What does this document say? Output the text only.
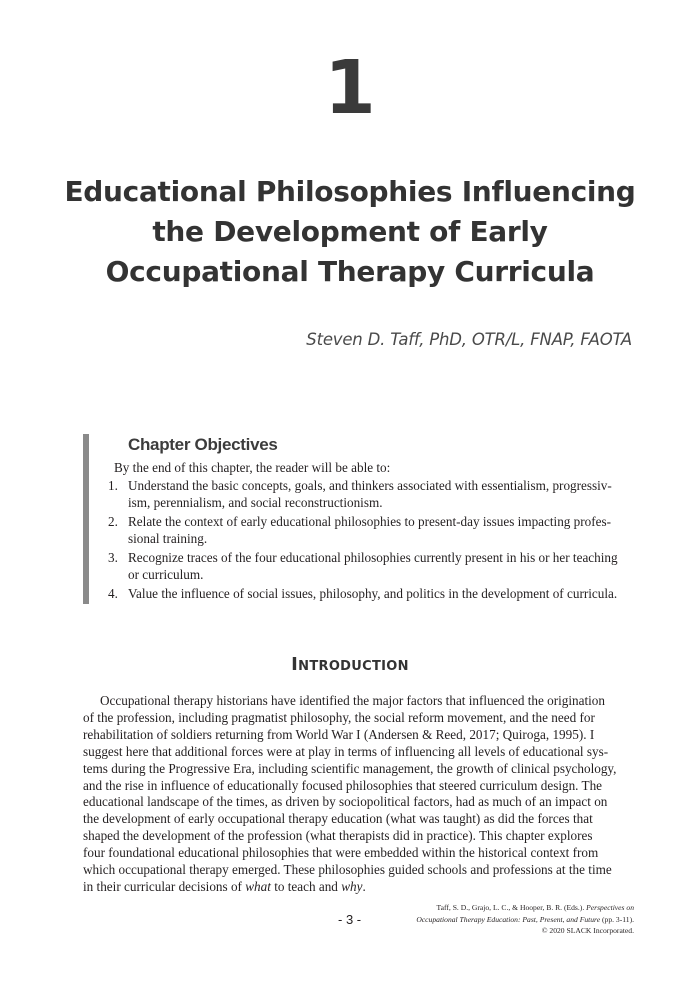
1
Educational Philosophies Influencing
the Development of Early
Occupational Therapy Curricula
Steven D. Taff, PhD, OTR/L, FNAP, FAOTA
Chapter Objectives
By the end of this chapter, the reader will be able to:
1. Understand the basic concepts, goals, and thinkers associated with essentialism, progressiv-
ism, perennialism, and social reconstructionism.
2. Relate the context of early educational philosophies to present-day issues impacting profes-
sional training.
3. Recognize traces of the four educational philosophies currently present in his or her teaching
or curriculum.
4. Value the influence of social issues, philosophy, and politics in the development of curricula.
Introduction

Occupational therapy historians have identified the major factors that influenced the origination
of the profession, including pragmatist philosophy, the social reform movement, and the need for
rehabilitation of soldiers returning from World War I (Andersen & Reed, 2017; Quiroga, 1995). I
suggest here that additional forces were at play in terms of influencing all levels of educational sys-
tems during the Progressive Era, including scientific management, the growth of clinical psychology,
and the rise in influence of educationally focused philosophies that steered curriculum design. The
educational landscape of the times, as driven by sociopolitical factors, had as much of an impact on
the development of early occupational therapy education (what was taught) as did the forces that
shaped the development of the profession (what therapists did in practice). This chapter explores
four foundational educational philosophies that were embedded within the historical context from
which occupational therapy emerged. These philosophies guided schools and professions at the time
in their curricular decisions of what to teach and why.

- 3 -
Taff, S. D., Grajo, L. C., & Hooper, B. R. (Eds.). Perspectives on
Occupational Therapy Education: Past, Present, and Future (pp. 3-11).
© 2020 SLACK Incorporated.
